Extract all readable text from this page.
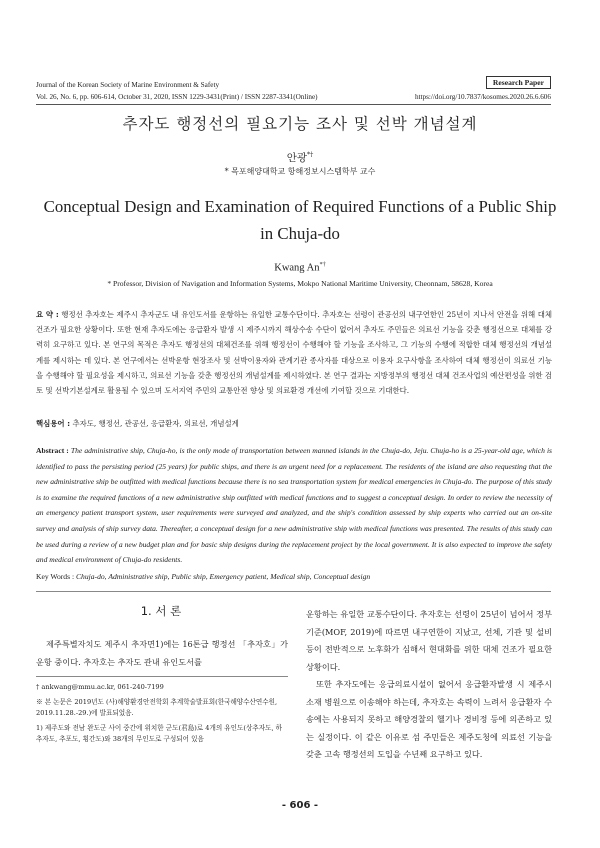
Journal of the Korean Society of Marine Environment & Safety	Research Paper
Vol. 26, No. 6, pp. 606-614, October 31, 2020, ISSN 1229-3431(Print) / ISSN 2287-3341(Online)	https://doi.org/10.7837/kosomes.2020.26.6.606
추자도 행정선의 필요기능 조사 및 선박 개념설계
안광*†
* 목포해양대학교 항해정보시스템학부 교수
Conceptual Design and Examination of Required Functions of a Public Ship in Chuja-do
Kwang An*†
* Professor, Division of Navigation and Information Systems, Mokpo National Maritime University, Cheonnam, 58628, Korea
요 약 : 행정선 추자호는 제주시 추자군도 내 유인도서를 운항하는 유일한 교통수단이다. 추자호는 선령이 관공선의 내구연한인 25년이 지나서 안전을 위해 대체 건조가 필요한 상황이다. 또한 현재 추자도에는 응급환자 발생 시 제주시까지 해상수송 수단이 없어서 추자도 주민들은 의료선 기능을 갖춘 행정선으로 대체를 강력히 요구하고 있다. 본 연구의 목적은 추자도 행정선의 대체건조를 위해 행정선이 수행해야 할 기능을 조사하고, 그 기능의 수행에 적합한 대체 행정선의 개념설계를 제시하는 데 있다. 본 연구에서는 선박운항 현장조사 및 선박이용자와 관계기관 종사자를 대상으로 이용자 요구사항을 조사하여 대체 행정선이 의료선 기능을 수행해야 할 필요성을 제시하고, 의료선 기능을 갖춘 행정선의 개념설계를 제시하였다. 본 연구 결과는 지방정부의 행정선 대체 건조사업의 예산편성을 위한 검토 및 선박기본설계로 활용될 수 있으며 도서지역 주민의 교통안전 향상 및 의료환경 개선에 기여할 것으로 기대한다.
핵심용어 : 추자도, 행정선, 관공선, 응급환자, 의료선, 개념설계
Abstract : The administrative ship, Chuja-ho, is the only mode of transportation between manned islands in the Chuja-do, Jeju. Chuja-ho is a 25-year-old age, which is identified to pass the persisting period (25 years) for public ships, and there is an urgent need for a replacement. The residents of the island are also requesting that the new administrative ship be outfitted with medical functions because there is no sea transportation system for medical emergencies in Chuja-do. The purpose of this study is to examine the required functions of a new administrative ship outfitted with medical functions and to suggest a conceptual design. In order to review the necessity of an emergency patient transport system, user requirements were surveyed and analyzed, and the ship's condition assessed by ship experts who carried out an on-site survey and analysis of ship survey data. Thereafter, a conceptual design for a new administrative ship with medical functions was presented. The results of this study can be used during a review of a new budget plan and for basic ship designs during the replacement project by the local government. It is also expected to improve the safety and medical environment of Chuja-do residents.
Key Words : Chuja-do, Administrative ship, Public ship, Emergency patient, Medical ship, Conceptual design
1. 서 론

제주특별자치도 제주시 추자면1)에는 16톤급 행정선 「추자호」가 운항 중이다. 추자호는 추자도 관내 유인도서를

† ankwang@mmu.ac.kr, 061-240-7199
※ 본 논문은 2019년도 (사)해양환경안전학회 추계학술발표회(한국해양수산연수원, 2019.11.28.-29.)에 발표되었음.
1) 제주도와 전남 완도군 사이 중간에 위치한 군도(君島)로 4개의 유인도(상추자도, 하추자도, 추포도, 횡간도)와 38개의 무인도로 구성되어 있음

운항하는 유일한 교통수단이다. 추자호는 선령이 25년이 넘어서 정부기준(MOF, 2019)에 따르면 내구연한이 지났고, 선체, 기관 및 설비 등이 전반적으로 노후화가 심해서 현대화를 위한 대체 건조가 필요한 상황이다.

또한 추자도에는 응급의료시설이 없어서 응급환자발생 시 제주시 소재 병원으로 이송해야 하는데, 추자호는 속력이 느려서 응급환자 수송에는 사용되지 못하고 해양경찰의 헬기나 경비정 등에 의존하고 있는 실정이다. 이 같은 이유로 섬 주민들은 제주도청에 의료선 기능을 갖춘 고속 행정선의 도입을 수년째 요구하고 있다.

- 606 -
